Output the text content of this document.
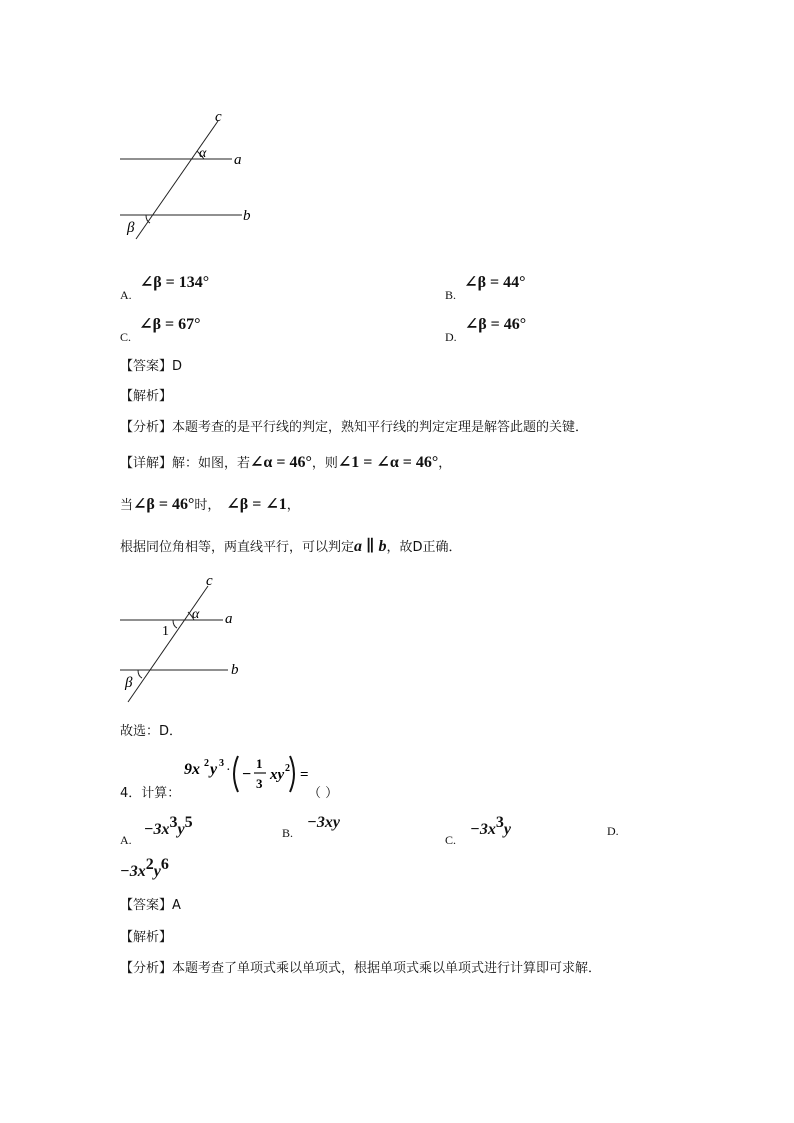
c
a
b
α
β
A. ∠β = 134°
B. ∠β = 44°
C. ∠β = 67°
D. ∠β = 46°
【答案】D
【解析】
【分析】本题考查的是平行线的判定，熟知平行线的判定定理是解答此题的关键．
【详解】解：如图，若∠α = 46°，则∠1 = ∠α = 46°，
当∠β = 46°时， ∠β = ∠1，
根据同位角相等，两直线平行，可以判定a ∥ b，故D正确．
c
a
b
α
1
β
故选：D．
4．计算：
9x 2 y 3 · −
1
3
xy 2 =
（ ）
A. $-3x^3y^5$
B. −3xy
C. $-3x^3y$	D.
$-3x^2y^6$
【答案】A
【解析】
【分析】本题考查了单项式乘以单项式，根据单项式乘以单项式进行计算即可求解．
